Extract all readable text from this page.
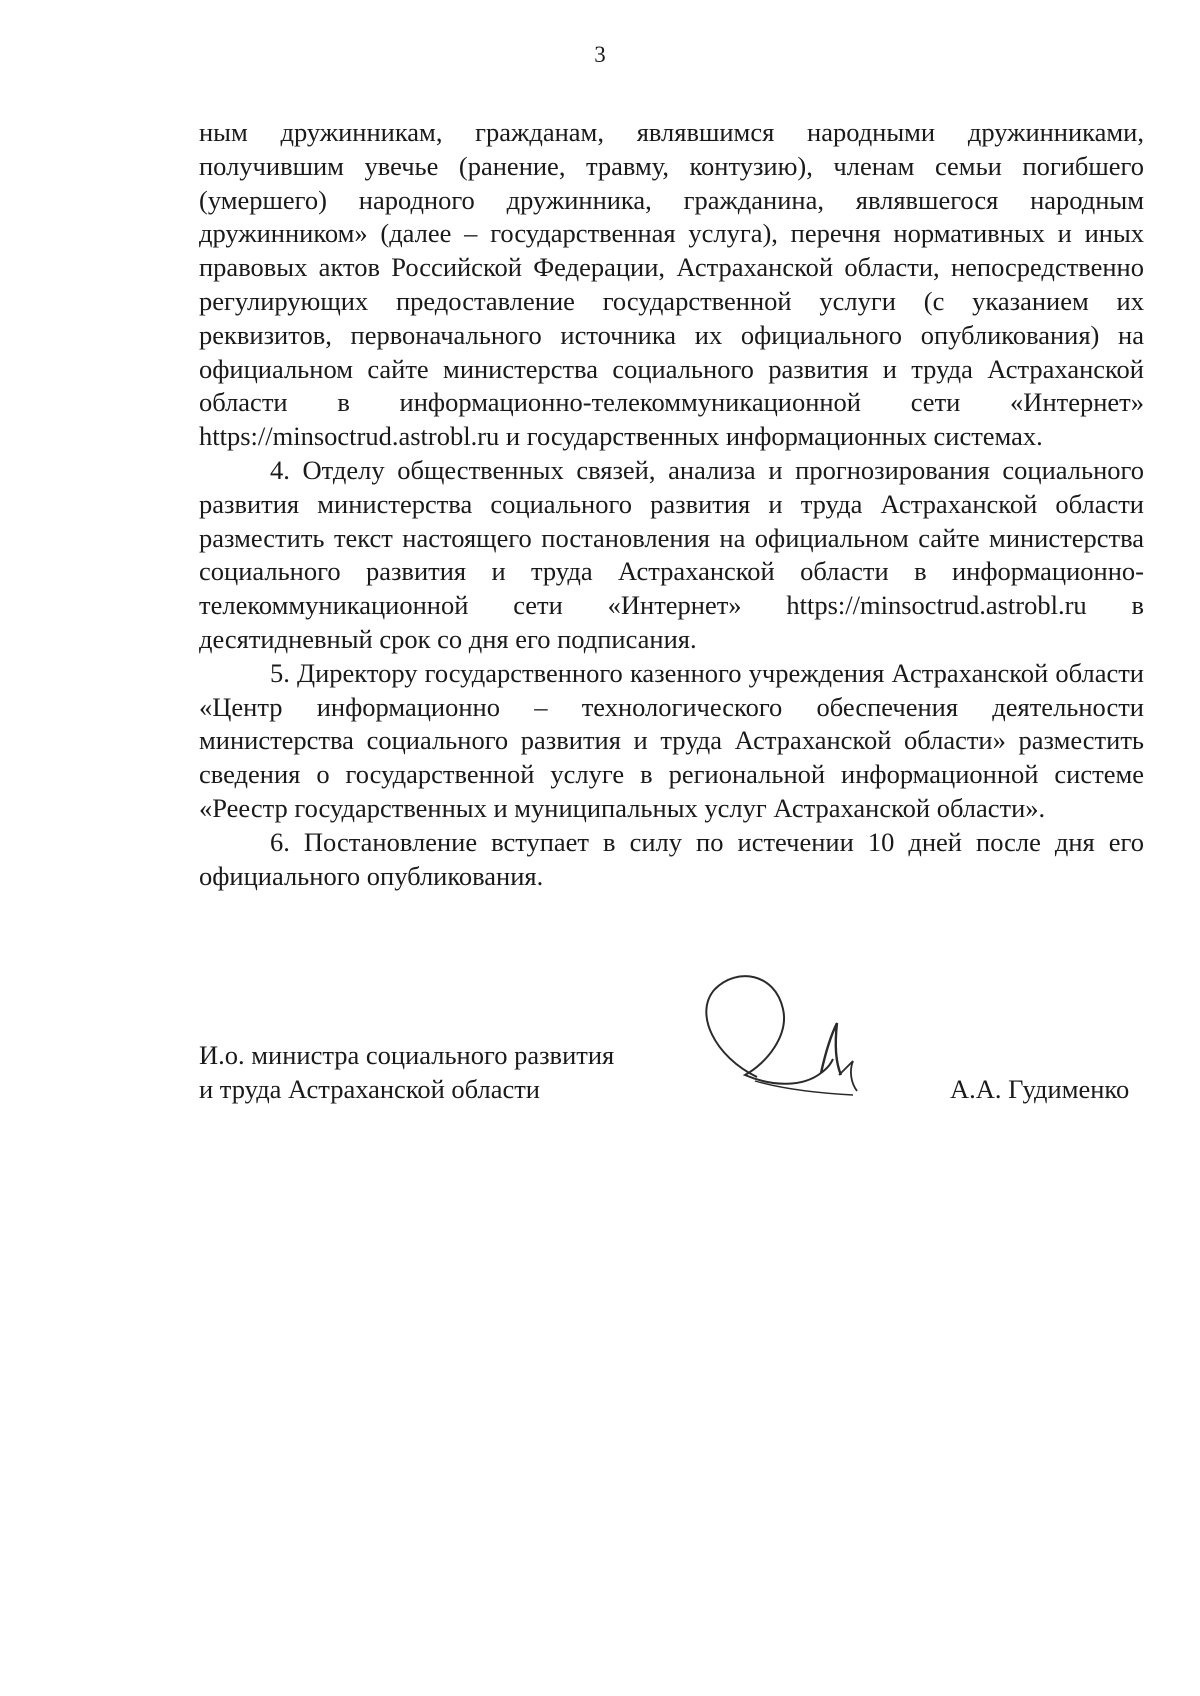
3

ным дружинникам, гражданам, являвшимся народными дружинниками, получившим увечье (ранение, травму, контузию), членам семьи погибшего (умершего) народного дружинника, гражданина, являвшегося народным дружинником» (далее – государственная услуга), перечня нормативных и иных правовых актов Российской Федерации, Астраханской области, непосредственно регулирующих предоставление государственной услуги (с указанием их реквизитов, первоначального источника их официального опубликования) на официальном сайте министерства социального развития и труда Астраханской области в информационно-телекоммуникационной сети «Интернет» https://minsoctrud.astrobl.ru и государственных информационных системах.

4. Отделу общественных связей, анализа и прогнозирования социального развития министерства социального развития и труда Астраханской области разместить текст настоящего постановления на официальном сайте министерства социального развития и труда Астраханской области в информационно-телекоммуникационной сети «Интернет» https://minsoctrud.astrobl.ru в десятидневный срок со дня его подписания.

5. Директору государственного казенного учреждения Астраханской области «Центр информационно – технологического обеспечения деятельности министерства социального развития и труда Астраханской области» разместить сведения о государственной услуге в региональной информационной системе «Реестр государственных и муниципальных услуг Астраханской области».

6. Постановление вступает в силу по истечении 10 дней после дня его официального опубликования.

И.о. министра социального развития
и труда Астраханской области	А.А. Гудименко
